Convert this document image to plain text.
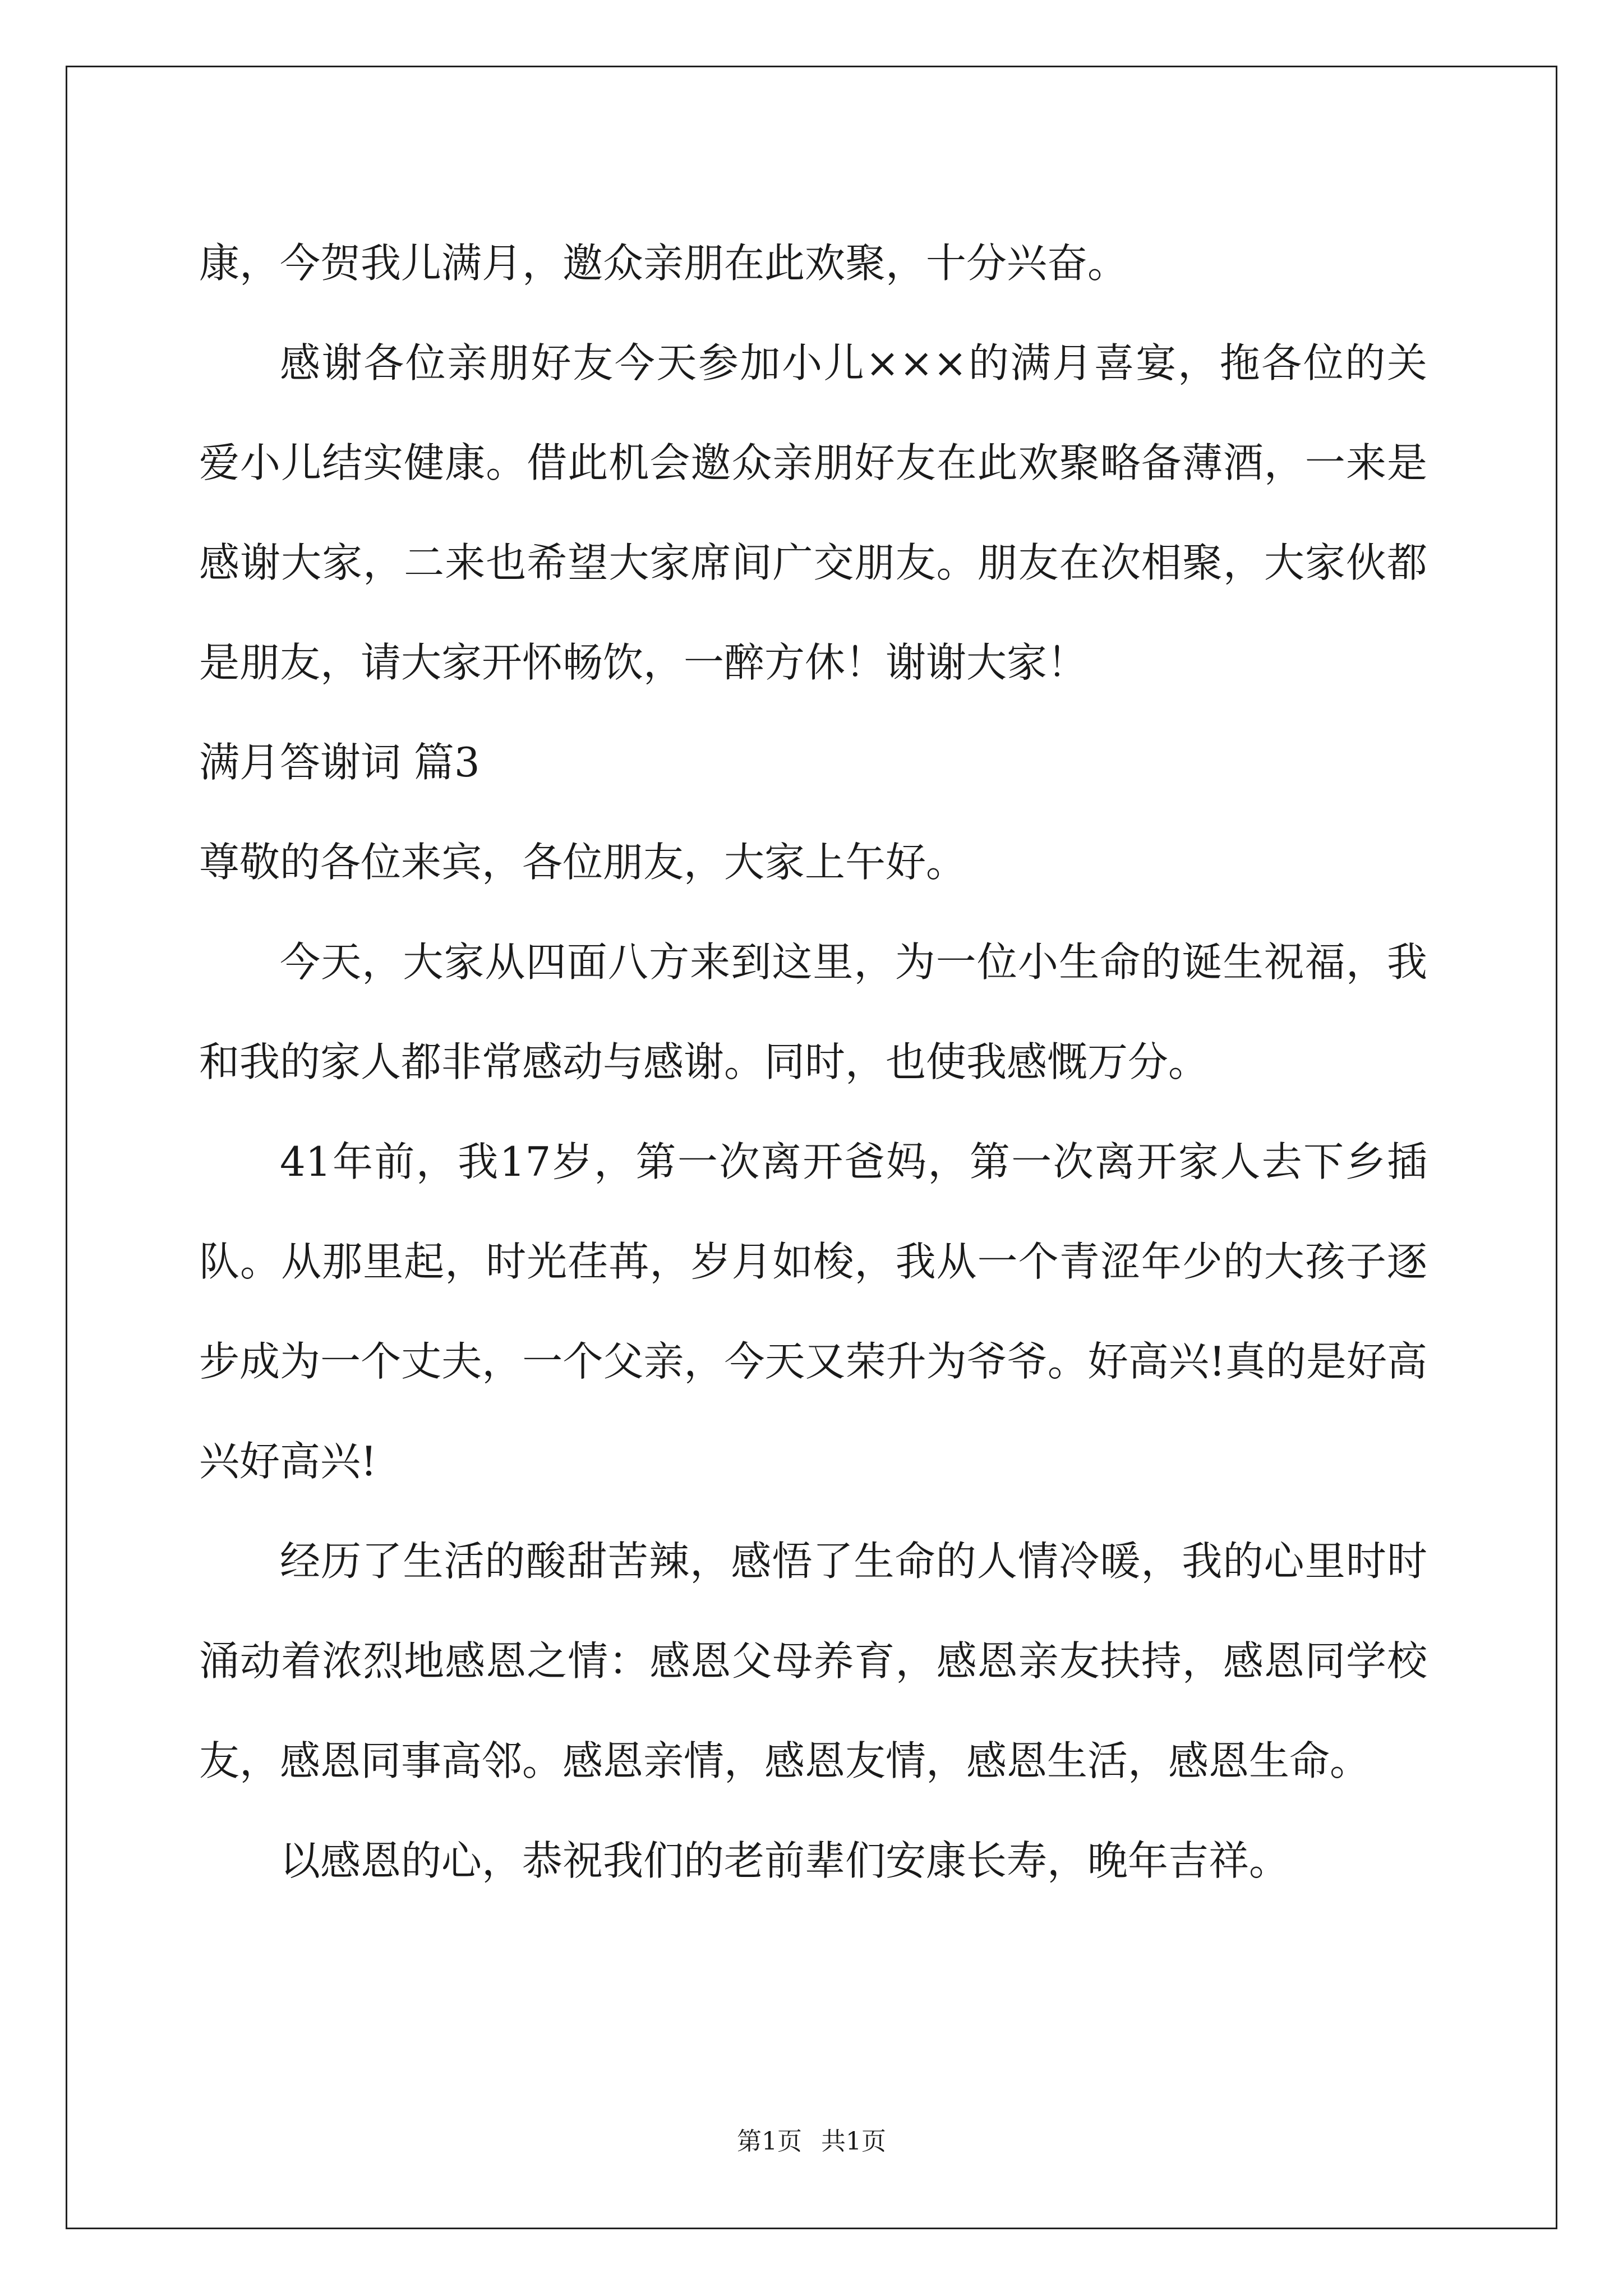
康，今贺我儿满月，邀众亲朋在此欢聚，十分兴奋。

感谢各位亲朋好友今天参加小儿×××的满月喜宴，拖各位的关爱小儿结实健康。借此机会邀众亲朋好友在此欢聚略备薄酒，一来是感谢大家，二来也希望大家席间广交朋友。朋友在次相聚，大家伙都是朋友，请大家开怀畅饮，一醉方休！谢谢大家！

满月答谢词 篇3

尊敬的各位来宾，各位朋友，大家上午好。

今天，大家从四面八方来到这里，为一位小生命的诞生祝福，我和我的家人都非常感动与感谢。同时，也使我感慨万分。

41年前，我17岁，第一次离开爸妈，第一次离开家人去下乡插队。从那里起，时光荏苒，岁月如梭，我从一个青涩年少的大孩子逐步成为一个丈夫，一个父亲，今天又荣升为爷爷。好高兴!真的是好高兴好高兴!

经历了生活的酸甜苦辣，感悟了生命的人情冷暖，我的心里时时涌动着浓烈地感恩之情：感恩父母养育，感恩亲友扶持，感恩同学校友，感恩同事高邻。感恩亲情，感恩友情，感恩生活，感恩生命。

以感恩的心，恭祝我们的老前辈们安康长寿，晚年吉祥。

第1页 共1页
